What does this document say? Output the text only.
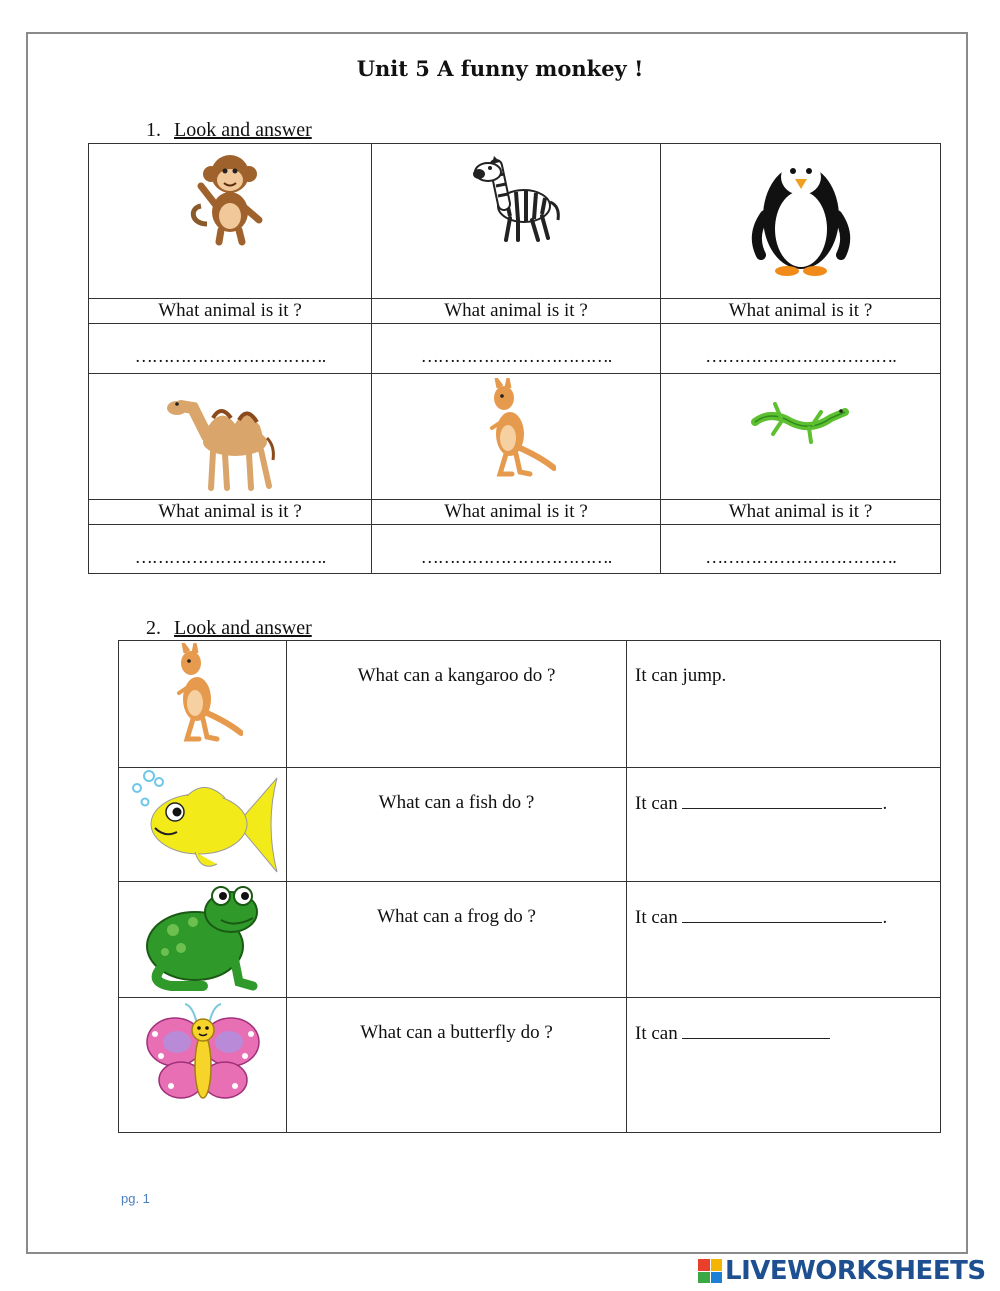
Unit 5 A funny monkey !
1. Look and answer

What animal is it ?	What animal is it ?	What animal is it ?
…………………………….	…………………………….	…………………………….

What animal is it ?	What animal is it ?	What animal is it ?
…………………………….	…………………………….	…………………………….
2. Look and answer
	What can a kangaroo do ?	It can jump.

	What can a fish do ?	It can .

	What can a frog do ?	It can .

	What can a butterfly do ?	It can
pg. 1
LIVEWORKSHEETS
